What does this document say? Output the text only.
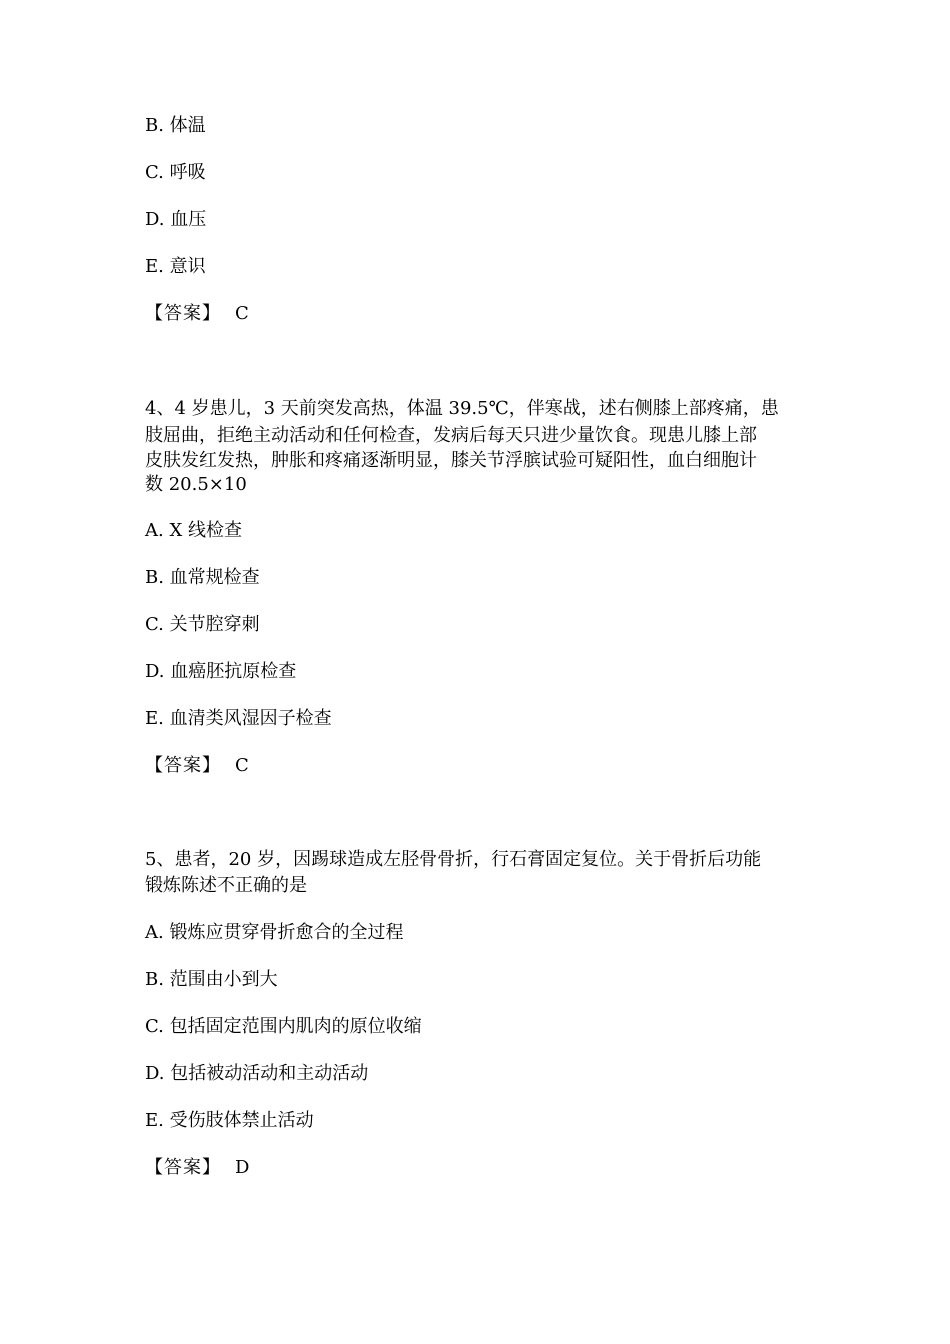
B. 体温
C. 呼吸
D. 血压
E. 意识
【答案】 C
4、4 岁患儿，3 天前突发高热，体温 39.5℃，伴寒战，述右侧膝上部疼痛，患
肢屈曲，拒绝主动活动和任何检查，发病后每天只进少量饮食。现患儿膝上部
皮肤发红发热，肿胀和疼痛逐渐明显，膝关节浮膑试验可疑阳性，血白细胞计
数 20.5×10
A. X 线检查
B. 血常规检查
C. 关节腔穿刺
D. 血癌胚抗原检查
E. 血清类风湿因子检查
【答案】 C
5、患者，20 岁，因踢球造成左胫骨骨折，行石膏固定复位。关于骨折后功能
锻炼陈述不正确的是
A. 锻炼应贯穿骨折愈合的全过程
B. 范围由小到大
C. 包括固定范围内肌肉的原位收缩
D. 包括被动活动和主动活动
E. 受伤肢体禁止活动
【答案】 D
